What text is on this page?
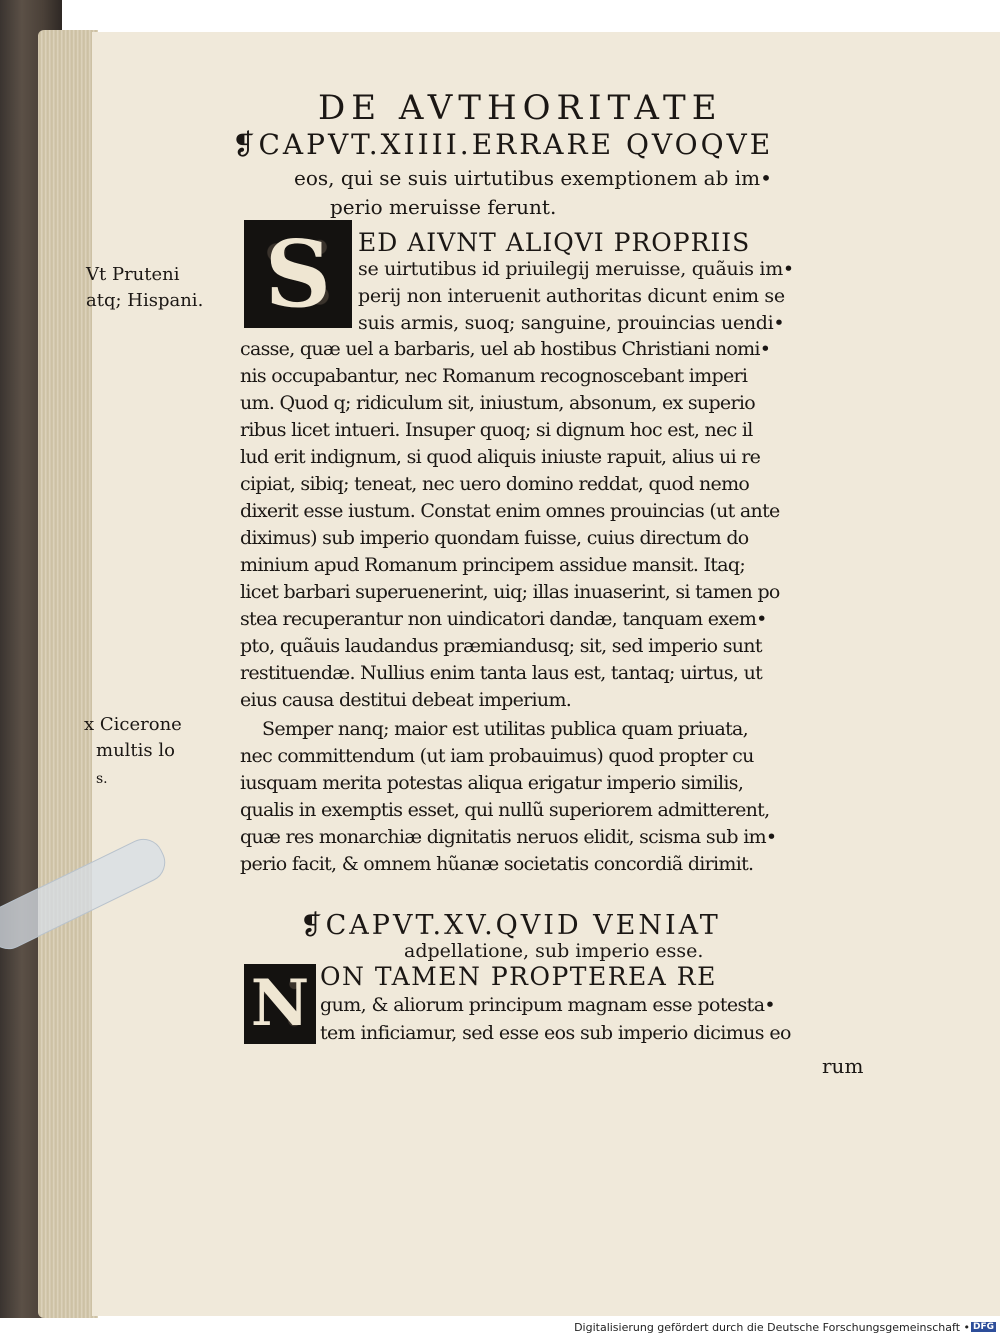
DE AVTHORITATE
❡CAPVT.XIIII.ERRARE QVOQVE
eos, qui se suis uirtutibus exemptionem ab im•
perio meruisse ferunt.
S	ED AIVNT ALIQVI PROPRIIS
se uirtutibus id priuilegij meruisse, quãuis im•
perij non interuenit authoritas dicunt enim se
suis armis, suoq; sanguine, prouincias uendi•
casse, quæ uel a barbaris, uel ab hostibus Christiani nomi•
nis occupabantur, nec Romanum recognoscebant imperi
um. Quod q; ridiculum sit, iniustum, absonum, ex superio
ribus licet intueri. Insuper quoq; si dignum hoc est, nec il
lud erit indignum, si quod aliquis iniuste rapuit, alius ui re
cipiat, sibiq; teneat, nec uero domino reddat, quod nemo
dixerit esse iustum. Constat enim omnes prouincias (ut ante
diximus) sub imperio quondam fuisse, cuius directum do
minium apud Romanum principem assidue mansit. Itaq;
licet barbari superuenerint, uiq; illas inuaserint, si tamen po
stea recuperantur non uindicatori dandæ, tanquam exem•
pto, quãuis laudandus præmiandusq; sit, sed imperio sunt
restituendæ. Nullius enim tanta laus est, tantaq; uirtus, ut
eius causa destitui debeat imperium.
Semper nanq; maior est utilitas publica quam priuata,
nec committendum (ut iam probauimus) quod propter cu
iusquam merita potestas aliqua erigatur imperio similis,
qualis in exemptis esset, qui nullũ superiorem admitterent,
quæ res monarchiæ dignitatis neruos elidit, scisma sub im•
perio facit, & omnem hũanæ societatis concordiã dirimit.
❡CAPVT.XV.QVID VENIAT
adpellatione, sub imperio esse.
N ON TAMEN PROPTEREA RE
gum, & aliorum principum magnam esse potesta•
tem inficiamur, sed esse eos sub imperio dicimus eo
rum
Vt Pruteni
atq; Hispani.
x Cicerone
multis lo
s.
Digitalisierung gefördert durch die Deutsche Forschungsgemeinschaft • DFG
